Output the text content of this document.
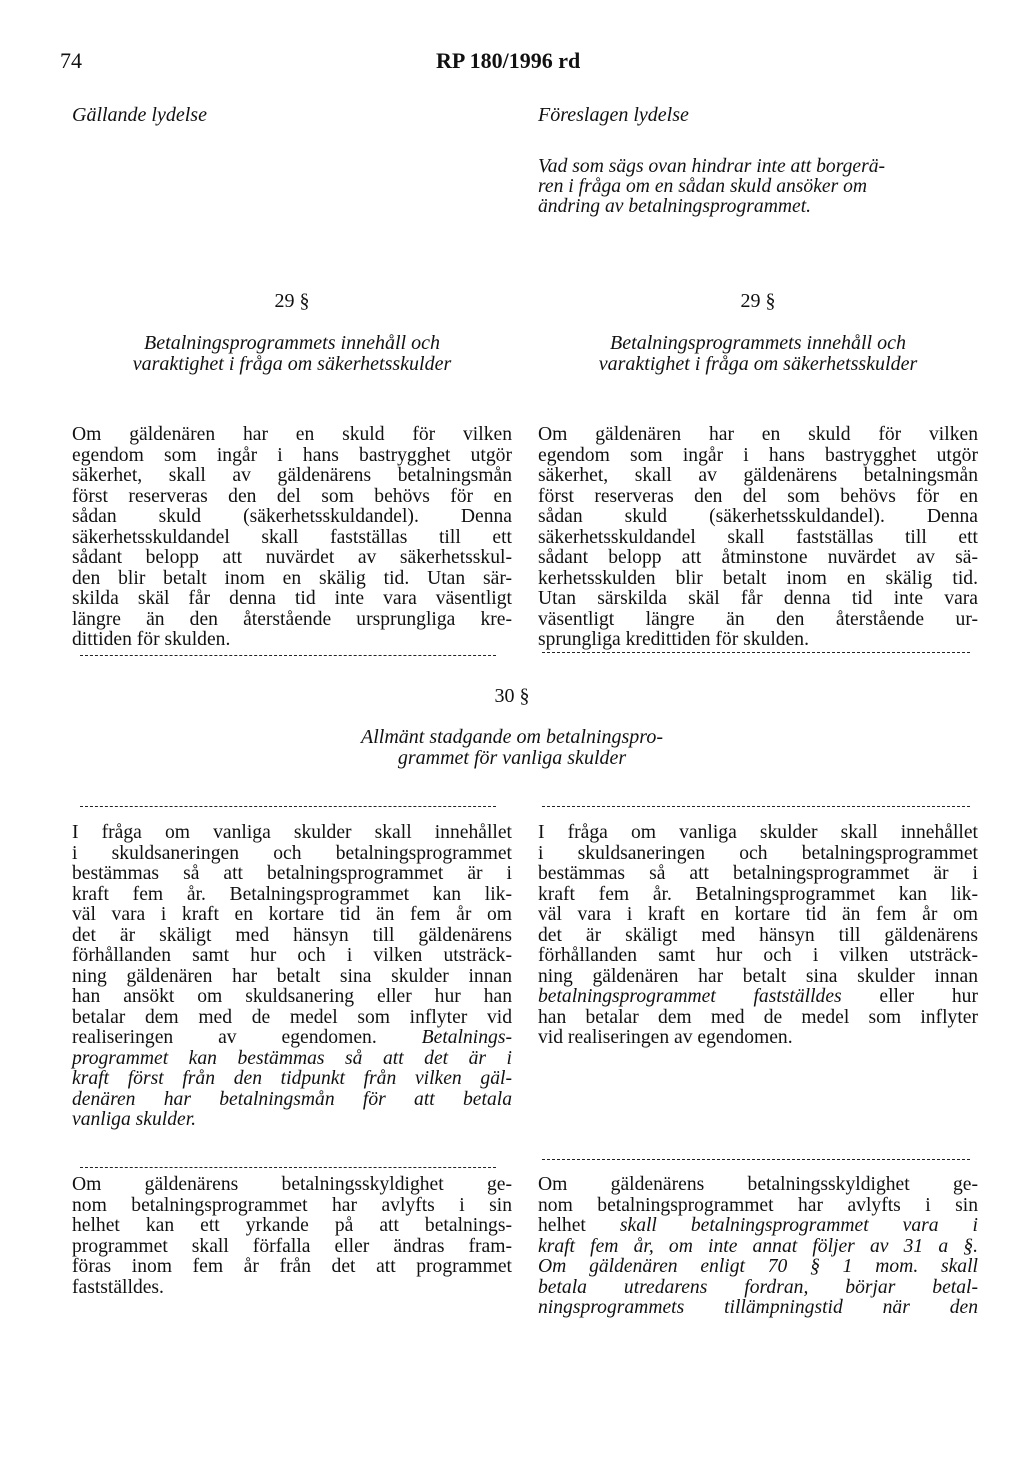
74	RP 180/1996 rd
Gällande lydelse	Föreslagen lydelse
Vad som sägs ovan hindrar inte att borgerä-
ren i fråga om en sådan skuld ansöker om
ändring av betalningsprogrammet.
29 §	29 §
Betalningsprogrammets innehåll och
varaktighet i fråga om säkerhetsskulder
Betalningsprogrammets innehåll och
varaktighet i fråga om säkerhetsskulder
Om gäldenären har en skuld för vilken
egendom som ingår i hans bastrygghet utgör
säkerhet, skall av gäldenärens betalningsmån
först reserveras den del som behövs för en
sådan skuld (säkerhetsskuldandel). Denna
säkerhetsskuldandel skall fastställas till ett
sådant belopp att nuvärdet av säkerhetsskul-
den blir betalt inom en skälig tid. Utan sär-
skilda skäl får denna tid inte vara väsentligt
längre än den återstående ursprungliga kre-
dittiden för skulden.
Om gäldenären har en skuld för vilken
egendom som ingår i hans bastrygghet utgör
säkerhet, skall av gäldenärens betalningsmån
först reserveras den del som behövs för en
sådan skuld (säkerhetsskuldandel). Denna
säkerhetsskuldandel skall fastställas till ett
sådant belopp att åtminstone nuvärdet av sä-
kerhetsskulden blir betalt inom en skälig tid.
Utan särskilda skäl får denna tid inte vara
väsentligt längre än den återstående ur-
sprungliga kredittiden för skulden.
30 §
Allmänt stadgande om betalningspro-
grammet för vanliga skulder
I fråga om vanliga skulder skall innehållet
i skuldsaneringen och betalningsprogrammet
bestämmas så att betalningsprogrammet är i
kraft fem år. Betalningsprogrammet kan lik-
väl vara i kraft en kortare tid än fem år om
det är skäligt med hänsyn till gäldenärens
förhållanden samt hur och i vilken utsträck-
ning gäldenären har betalt sina skulder innan
han ansökt om skuldsanering eller hur han
betalar dem med de medel som inflyter vid
realiseringen av egendomen. Betalnings-
programmet kan bestämmas så att det är i
kraft först från den tidpunkt från vilken gäl-
denären har betalningsmån för att betala
vanliga skulder.
I fråga om vanliga skulder skall innehållet
i skuldsaneringen och betalningsprogrammet
bestämmas så att betalningsprogrammet är i
kraft fem år. Betalningsprogrammet kan lik-
väl vara i kraft en kortare tid än fem år om
det är skäligt med hänsyn till gäldenärens
förhållanden samt hur och i vilken utsträck-
ning gäldenären har betalt sina skulder innan
betalningsprogrammet fastställdes eller hur
han betalar dem med de medel som inflyter
vid realiseringen av egendomen.
Om gäldenärens betalningsskyldighet ge-
nom betalningsprogrammet har avlyfts i sin
helhet kan ett yrkande på att betalnings-
programmet skall förfalla eller ändras fram-
föras inom fem år från det att programmet
fastställdes.
Om gäldenärens betalningsskyldighet ge-
nom betalningsprogrammet har avlyfts i sin
helhet skall betalningsprogrammet vara i
kraft fem år, om inte annat följer av 31 a §.
Om gäldenären enligt 70 § 1 mom. skall
betala utredarens fordran, börjar betal-
ningsprogrammets tillämpningstid när den
